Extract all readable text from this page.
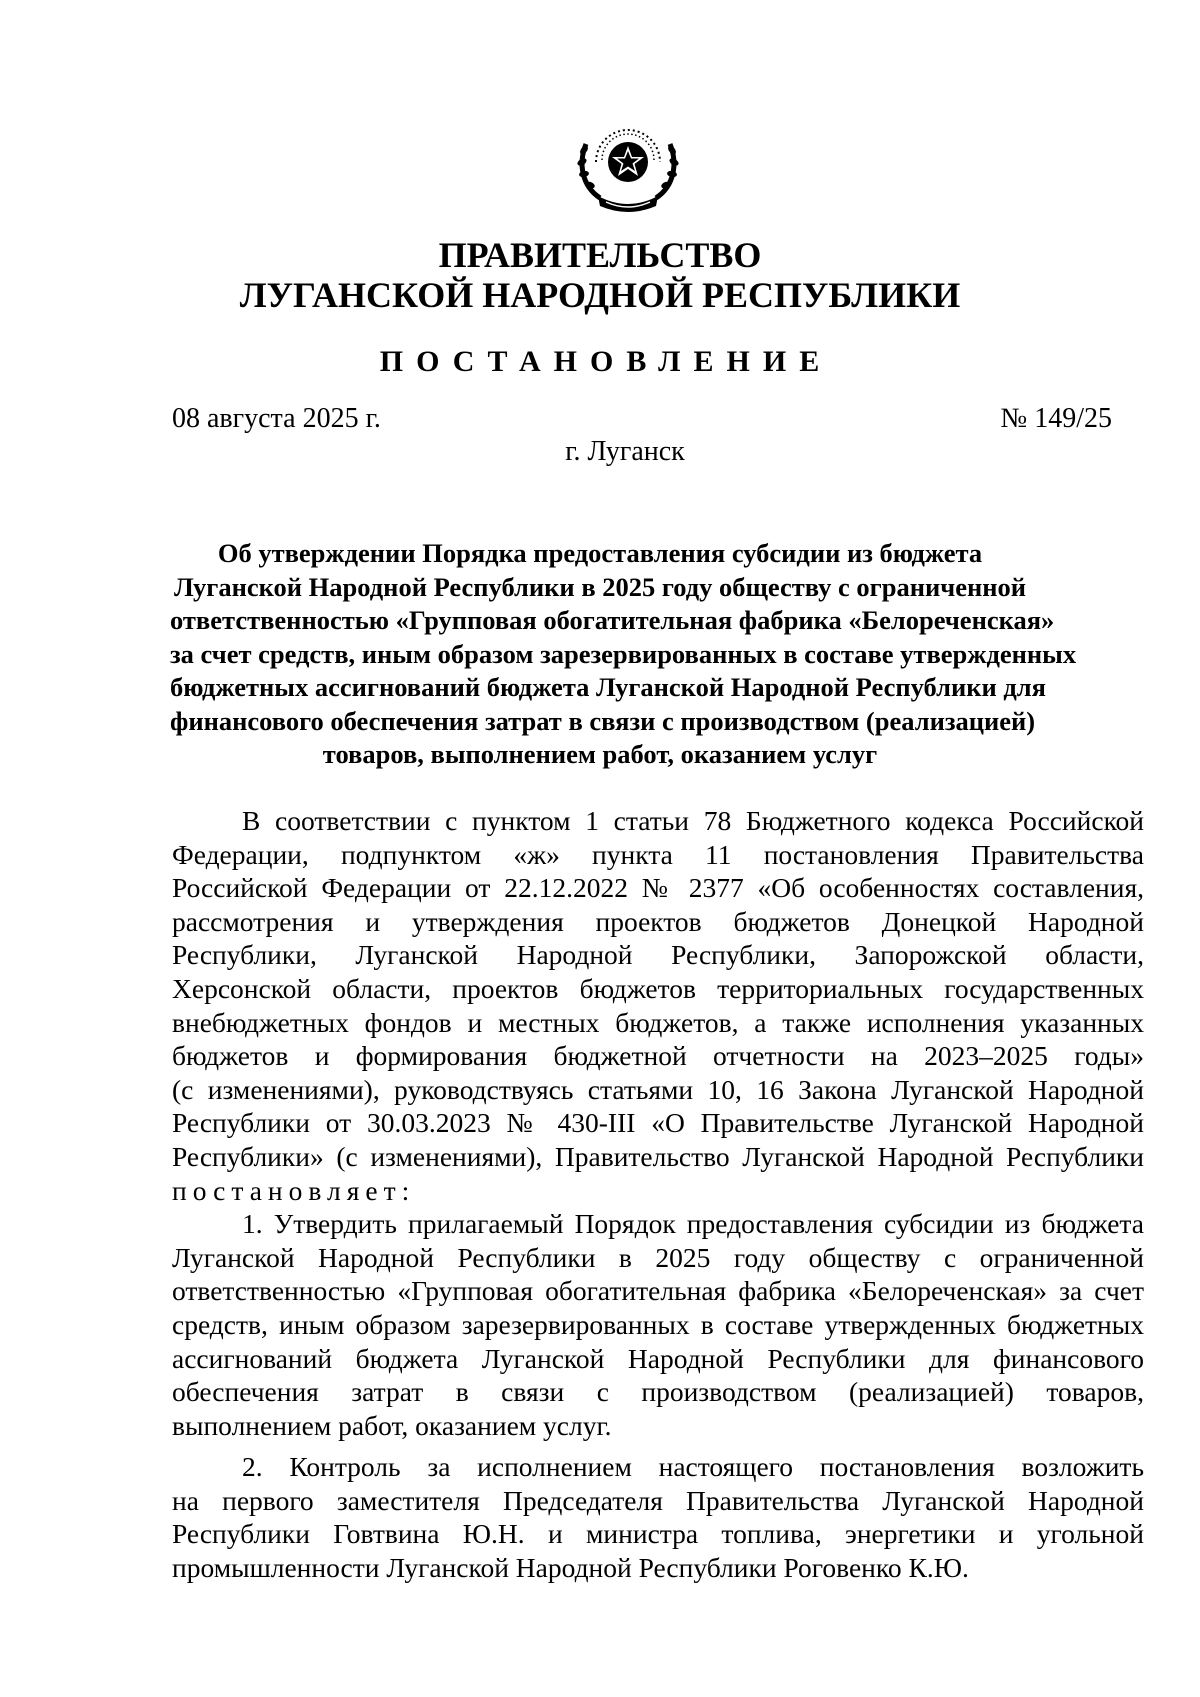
ПРАВИТЕЛЬСТВО
ЛУГАНСКОЙ НАРОДНОЙ РЕСПУБЛИКИ
ПОСТАНОВЛЕНИЕ
08 августа 2025 г.	№ 149/25
г. Луганск
Об утверждении Порядка предоставления субсидии из бюджета
Луганской Народной Республики в 2025 году обществу с ограниченной
ответственностью «Групповая обогатительная фабрика «Белореченская»
за счет средств, иным образом зарезервированных в составе утвержденных
бюджетных ассигнований бюджета Луганской Народной Республики для
финансового обеспечения затрат в связи с производством (реализацией)
товаров, выполнением работ, оказанием услуг
В соответствии с пунктом 1 статьи 78 Бюджетного кодекса Российской
Федерации, подпунктом «ж» пункта 11 постановления Правительства
Российской Федерации от 22.12.2022 № 2377 «Об особенностях составления,
рассмотрения и утверждения проектов бюджетов Донецкой Народной
Республики, Луганской Народной Республики, Запорожской области,
Херсонской области, проектов бюджетов территориальных государственных
внебюджетных фондов и местных бюджетов, а также исполнения указанных
бюджетов и формирования бюджетной отчетности на 2023–2025 годы»
(с изменениями), руководствуясь статьями 10, 16 Закона Луганской Народной
Республики от 30.03.2023 № 430-III «О Правительстве Луганской Народной
Республики» (с изменениями), Правительство Луганской Народной Республики
постановляет:
1. Утвердить прилагаемый Порядок предоставления субсидии из бюджета
Луганской Народной Республики в 2025 году обществу с ограниченной
ответственностью «Групповая обогатительная фабрика «Белореченская» за счет
средств, иным образом зарезервированных в составе утвержденных бюджетных
ассигнований бюджета Луганской Народной Республики для финансового
обеспечения затрат в связи с производством (реализацией) товаров,
выполнением работ, оказанием услуг.
2. Контроль за исполнением настоящего постановления возложить
на первого заместителя Председателя Правительства Луганской Народной
Республики Говтвина Ю.Н. и министра топлива, энергетики и угольной
промышленности Луганской Народной Республики Роговенко К.Ю.
